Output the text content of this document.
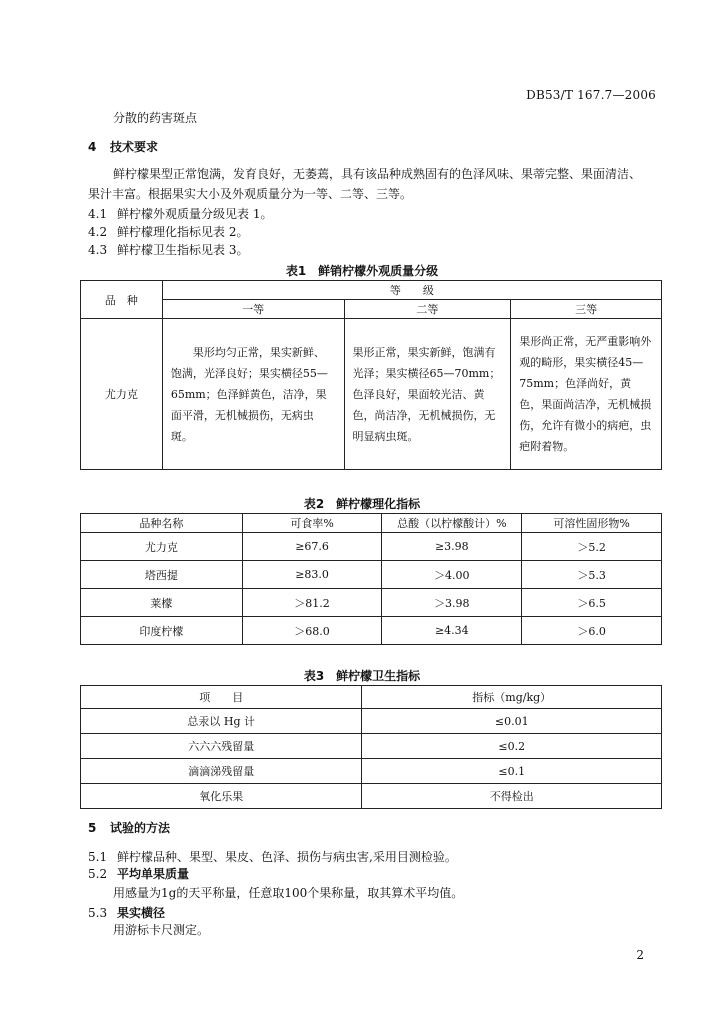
DB53/T 167.7—2006
分散的药害斑点
4 技术要求
鲜柠檬果型正常饱满，发育良好，无萎蔫，具有该品种成熟固有的色泽风味、果蒂完整、果面清洁、
果汁丰富。根据果实大小及外观质量分为一等、二等、三等。
4.1 鲜柠檬外观质量分级见表 1。
4.2 鲜柠檬理化指标见表 2。
4.3 鲜柠檬卫生指标见表 3。
表1　鲜销柠檬外观质量分级
品　种	等　　级		
	一等	二等	三等
尤力克	果形均匀正常，果实新鲜、饱满，光泽良好；果实横径55—65mm；色泽鲜黄色，洁净，果面平滑，无机械损伤，无病虫斑。	果形正常，果实新鲜，饱满有光泽；果实横径65—70mm；色泽良好，果面较光洁、黄色，尚洁净，无机械损伤，无明显病虫斑。	果形尚正常，无严重影响外观的畸形，果实横径45—75mm；色泽尚好，黄色，果面尚洁净，无机械损伤，允许有微小的病疤，虫疤附着物。
表2　鲜柠檬理化指标
品种名称	可食率%	总酸（以柠檬酸计）%	可溶性固形物%
尤力克	≥67.6	≥3.98	＞5.2
塔西提	≥83.0	＞4.00	＞5.3
莱檬	＞81.2	＞3.98	＞6.5
印度柠檬	＞68.0	≥4.34	＞6.0
表3　鲜柠檬卫生指标
项　　目	指标（mg/kg）
总汞以 Hg 计	≤0.01
六六六残留量	≤0.2
滴滴涕残留量	≤0.1
氧化乐果	不得检出
5 试验的方法
5.1 鲜柠檬品种、果型、果皮、色泽、损伤与病虫害,采用目测检验。
5.2 平均单果质量
用感量为1g的天平称量，任意取100个果称量，取其算术平均值。
5.3 果实横径
用游标卡尺测定。
2
